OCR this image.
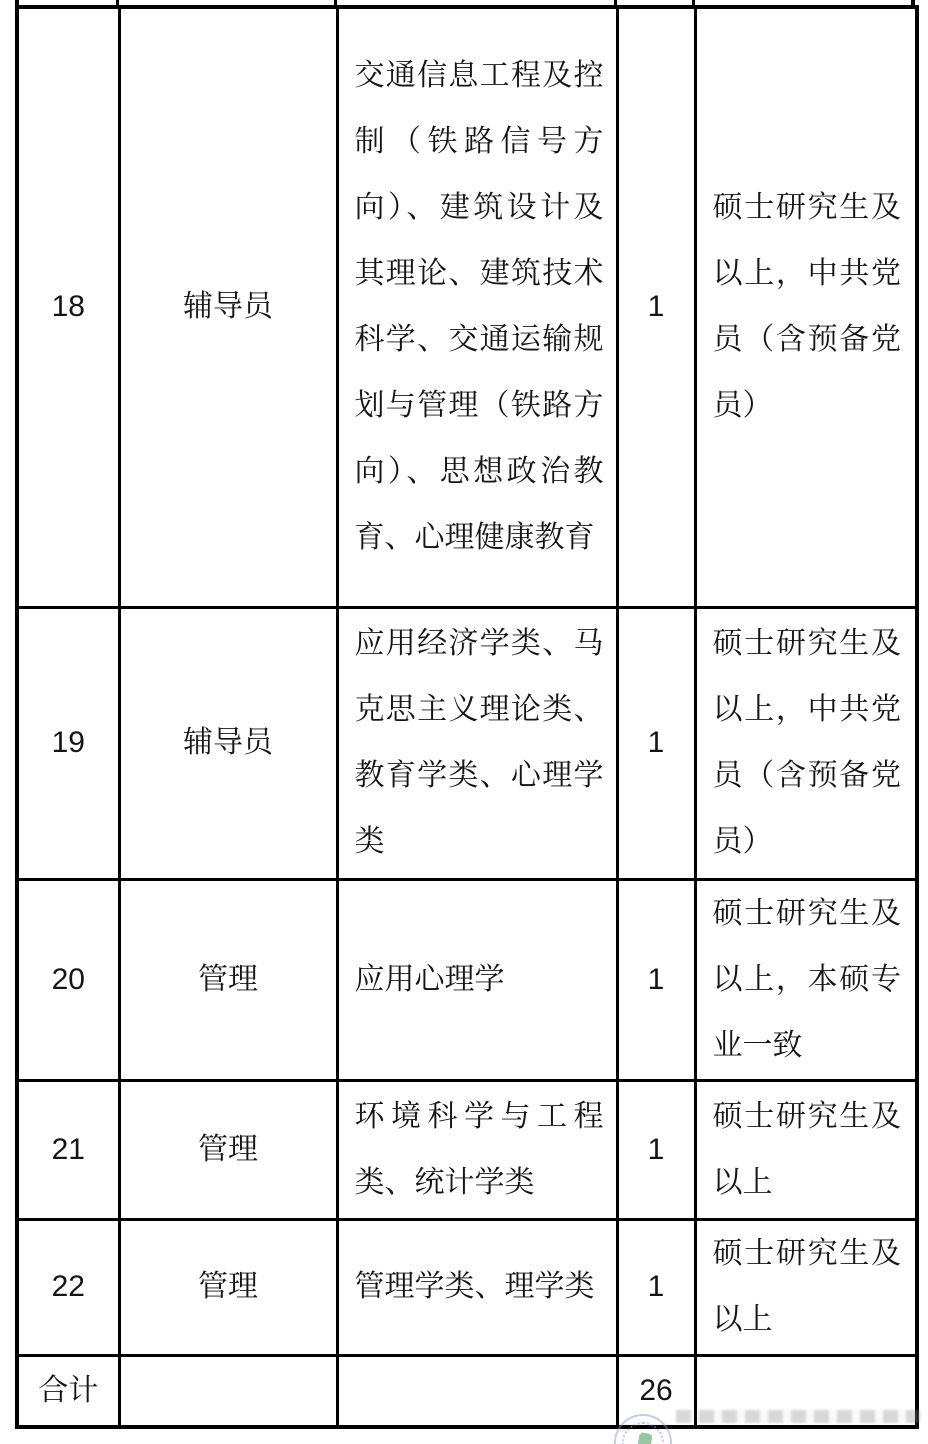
18	辅导员	交通信息工程及控制（铁路信号方向）、建筑设计及其理论、建筑技术科学、交通运输规划与管理（铁路方向）、思想政治教育、心理健康教育	1	硕士研究生及以上，中共党员（含预备党员）
19	辅导员	应用经济学类、马克思主义理论类、教育学类、心理学类	1	硕士研究生及以上，中共党员（含预备党员）
20	管理	应用心理学	1	硕士研究生及以上，本硕专业一致
21	管理	环境科学与工程类、统计学类	1	硕士研究生及以上
22	管理	管理学类、理学类	1	硕士研究生及以上
合计			26	
